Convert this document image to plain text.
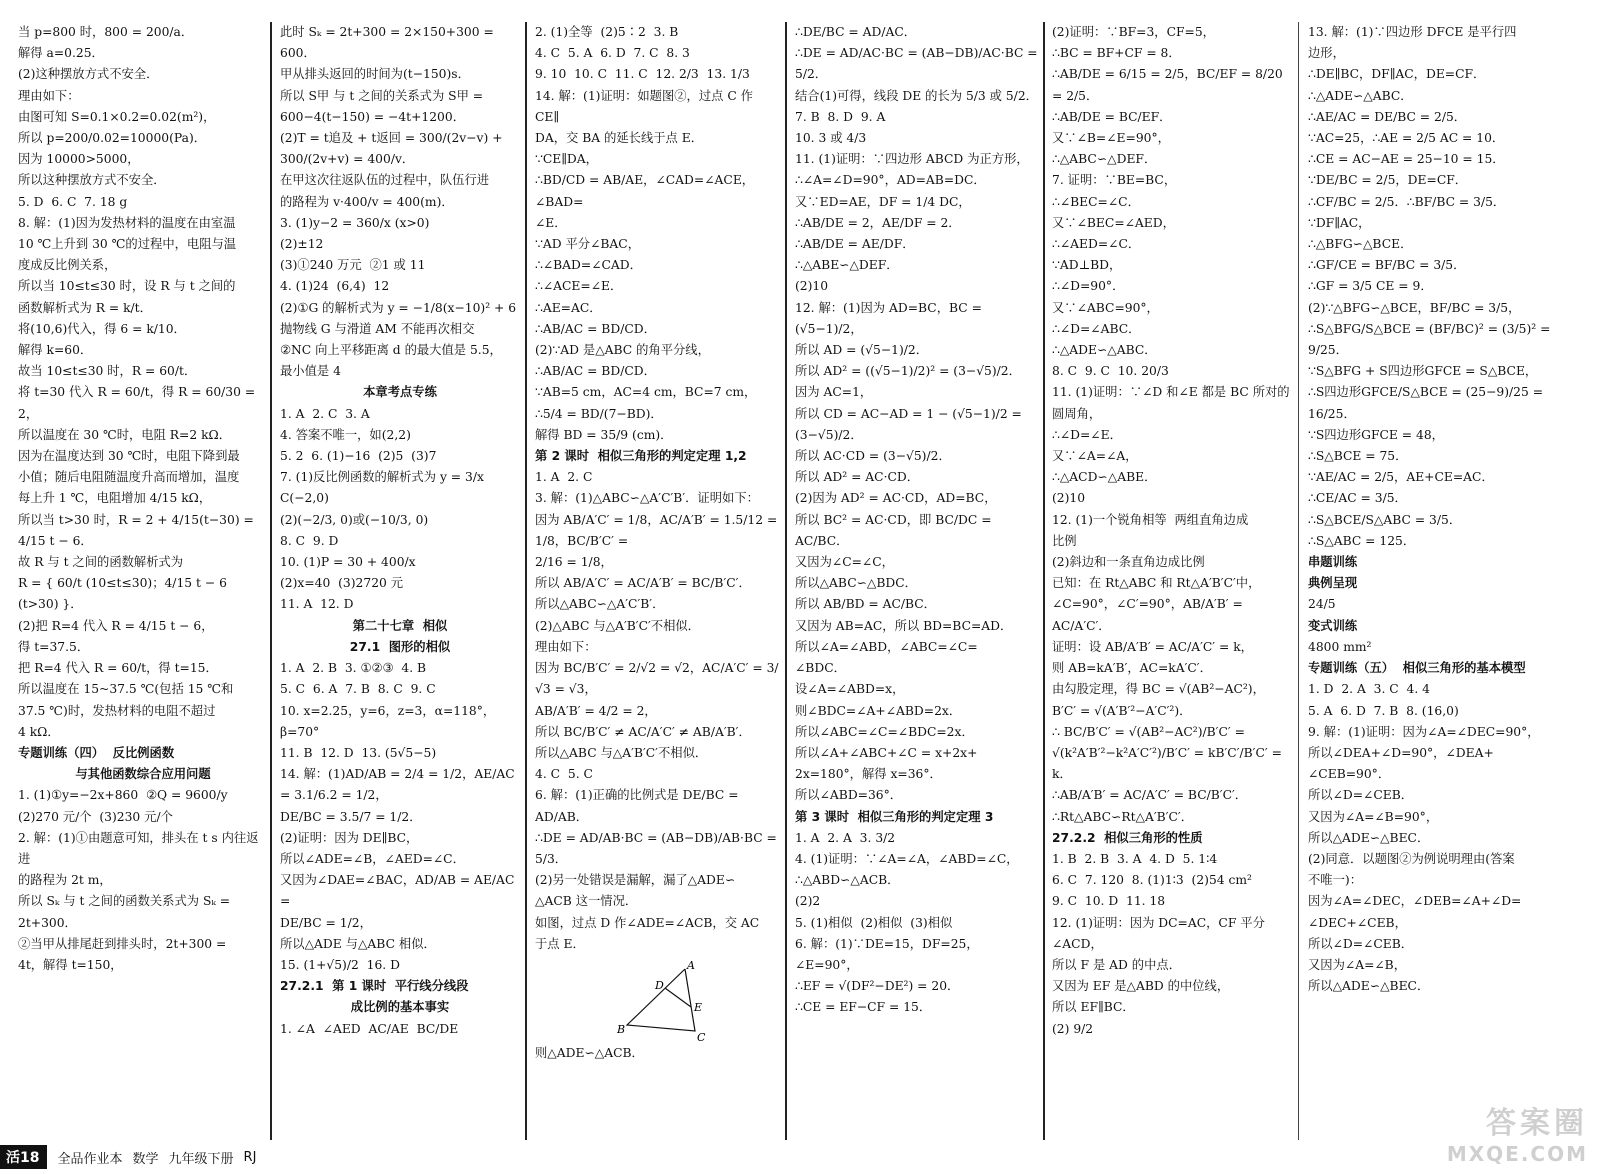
当 p=800 时，800 = 200/a．

解得 a=0.25．

(2)这种摆放方式不安全．

理由如下：

由图可知 S=0.1×0.2=0.02(m²)，

所以 p=200/0.02=10000(Pa)．

因为 10000>5000，

所以这种摆放方式不安全．

5. D  6. C  7. 18 g

8. 解：(1)因为发热材料的温度在由室温

10 ℃上升到 30 ℃的过程中，电阻与温

度成反比例关系，

所以当 10≤t≤30 时，设 R 与 t 之间的

函数解析式为 R = k/t．

将(10,6)代入，得 6 = k/10．

解得 k=60．

故当 10≤t≤30 时，R = 60/t．

将 t=30 代入 R = 60/t，得 R = 60/30 = 2，

所以温度在 30 ℃时，电阻 R=2 kΩ．

因为在温度达到 30 ℃时，电阻下降到最

小值；随后电阻随温度升高而增加，温度

每上升 1 ℃，电阻增加 4/15 kΩ，

所以当 t>30 时，R = 2 + 4/15(t−30) =

4/15 t − 6．

故 R 与 t 之间的函数解析式为

R = { 60/t (10≤t≤30)；4/15 t − 6 (t>30) }．

(2)把 R=4 代入 R = 4/15 t − 6，

得 t=37.5．

把 R=4 代入 R = 60/t，得 t=15．

所以温度在 15~37.5 ℃(包括 15 ℃和

37.5 ℃)时，发热材料的电阻不超过

4 kΩ．

专题训练（四）  反比例函数

与其他函数综合应用问题

1. (1)①y=−2x+860  ②Q = 9600/y

(2)270 元/个  (3)230 元/个

2. 解：(1)①由题意可知，排头在 t s 内往返进

的路程为 2t m，

所以 Sₖ 与 t 之间的函数关系式为 Sₖ =

2t+300．

②当甲从排尾赶到排头时，2t+300 =

4t，解得 t=150，

此时 Sₖ = 2t+300 = 2×150+300 = 600．

甲从排头返回的时间为(t−150)s．

所以 S甲 与 t 之间的关系式为 S甲 =

600−4(t−150) = −4t+1200．

(2)T = t追及 + t返回 = 300/(2v−v) + 300/(2v+v) = 400/v．

在甲这次往返队伍的过程中，队伍行进

的路程为 v·400/v = 400(m)．

3. (1)y−2 = 360/x (x>0)

(2)±12

(3)①240 万元  ②1 或 11

4. (1)24  (6,4)  12

(2)①G 的解析式为 y = −1/8(x−10)² + 6

抛物线 G 与滑道 AM 不能再次相交

②NC 向上平移距离 d 的最大值是 5.5，

最小值是 4

本章考点专练

1. A  2. C  3. A

4. 答案不唯一，如(2,2)

5. 2  6. (1)−16  (2)5  (3)7

7. (1)反比例函数的解析式为 y = 3/x

C(−2,0)

(2)(−2/3, 0)或(−10/3, 0)

8. C  9. D

10. (1)P = 30 + 400/x

(2)x=40  (3)2720 元

11. A  12. D

第二十七章  相似

27.1  图形的相似

1. A  2. B  3. ①②③  4. B

5. C  6. A  7. B  8. C  9. C

10. x=2.25，y=6，z=3，α=118°，β=70°

11. B  12. D  13. (5√5−5)

14. 解：(1)AD/AB = 2/4 = 1/2，AE/AC = 3.1/6.2 = 1/2，

DE/BC = 3.5/7 = 1/2．

(2)证明：因为 DE∥BC，

所以∠ADE=∠B，∠AED=∠C．

又因为∠DAE=∠BAC，AD/AB = AE/AC =

DE/BC = 1/2，

所以△ADE 与△ABC 相似．

15. (1+√5)/2  16. D

27.2.1  第 1 课时  平行线分线段

成比例的基本事实

1. ∠A  ∠AED  AC/AE  BC/DE

2. (1)全等  (2)5∶2  3. B

4. C  5. A  6. D  7. C  8. 3

9. 10  10. C  11. C  12. 2/3  13. 1/3

14. 解：(1)证明：如题图②，过点 C 作 CE∥

DA，交 BA 的延长线于点 E．

∵CE∥DA，

∴BD/CD = AB/AE，∠CAD=∠ACE，∠BAD=

∠E．

∵AD 平分∠BAC，

∴∠BAD=∠CAD．

∴∠ACE=∠E．

∴AE=AC．

∴AB/AC = BD/CD．

(2)∵AD 是△ABC 的角平分线，

∴AB/AC = BD/CD．

∵AB=5 cm，AC=4 cm，BC=7 cm，

∴5/4 = BD/(7−BD)．

解得 BD = 35/9 (cm)．

第 2 课时  相似三角形的判定定理 1,2

1. A  2. C

3. 解：(1)△ABC∽△A′C′B′．证明如下：

因为 AB/A′C′ = 1/8，AC/A′B′ = 1.5/12 = 1/8，BC/B′C′ =

2/16 = 1/8，

所以 AB/A′C′ = AC/A′B′ = BC/B′C′．

所以△ABC∽△A′C′B′．

(2)△ABC 与△A′B′C′不相似．

理由如下：

因为 BC/B′C′ = 2/√2 = √2，AC/A′C′ = 3/√3 = √3，

AB/A′B′ = 4/2 = 2，

所以 BC/B′C′ ≠ AC/A′C′ ≠ AB/A′B′．

所以△ABC 与△A′B′C′不相似．

4. C  5. C

6. 解：(1)正确的比例式是 DE/BC = AD/AB．

∴DE = AD/AB·BC = (AB−DB)/AB·BC = 5/3．

(2)另一处错误是漏解，漏了△ADE∽

△ACB 这一情况．

如图，过点 D 作∠ADE=∠ACB，交 AC

于点 E．

A
D
E
B
C

则△ADE∽△ACB．

∴DE/BC = AD/AC．

∴DE = AD/AC·BC = (AB−DB)/AC·BC = 5/2．

结合(1)可得，线段 DE 的长为 5/3 或 5/2．

7. B  8. D  9. A

10. 3 或 4/3

11. (1)证明：∵四边形 ABCD 为正方形，

∴∠A=∠D=90°，AD=AB=DC．

又∵ED=AE，DF = 1/4 DC，

∴AB/DE = 2，AE/DF = 2．

∴AB/DE = AE/DF．

∴△ABE∽△DEF．

(2)10

12. 解：(1)因为 AD=BC，BC = (√5−1)/2，

所以 AD = (√5−1)/2．

所以 AD² = ((√5−1)/2)² = (3−√5)/2．

因为 AC=1，

所以 CD = AC−AD = 1 − (√5−1)/2 = (3−√5)/2．

所以 AC·CD = (3−√5)/2．

所以 AD² = AC·CD．

(2)因为 AD² = AC·CD，AD=BC，

所以 BC² = AC·CD，即 BC/DC = AC/BC．

又因为∠C=∠C，

所以△ABC∽△BDC．

所以 AB/BD = AC/BC．

又因为 AB=AC，所以 BD=BC=AD．

所以∠A=∠ABD，∠ABC=∠C=

∠BDC．

设∠A=∠ABD=x，

则∠BDC=∠A+∠ABD=2x．

所以∠ABC=∠C=∠BDC=2x．

所以∠A+∠ABC+∠C = x+2x+

2x=180°，解得 x=36°．

所以∠ABD=36°．

第 3 课时  相似三角形的判定定理 3

1. A  2. A  3. 3/2

4. (1)证明：∵∠A=∠A，∠ABD=∠C，

∴△ABD∽△ACB．

(2)2

5. (1)相似  (2)相似  (3)相似

6. 解：(1)∵DE=15，DF=25，∠E=90°，

∴EF = √(DF²−DE²) = 20．

∴CE = EF−CF = 15．

(2)证明：∵BF=3，CF=5，

∴BC = BF+CF = 8．

∴AB/DE = 6/15 = 2/5，BC/EF = 8/20 = 2/5．

∴AB/DE = BC/EF．

又∵∠B=∠E=90°，

∴△ABC∽△DEF．

7. 证明：∵BE=BC，

∴∠BEC=∠C．

又∵∠BEC=∠AED，

∴∠AED=∠C．

∵AD⊥BD，

∴∠D=90°．

又∵∠ABC=90°，

∴∠D=∠ABC．

∴△ADE∽△ABC．

8. C  9. C  10. 20/3

11. (1)证明：∵∠D 和∠E 都是 BC 所对的

圆周角，

∴∠D=∠E．

又∵∠A=∠A，

∴△ACD∽△ABE．

(2)10

12. (1)一个锐角相等  两组直角边成

比例

(2)斜边和一条直角边成比例

已知：在 Rt△ABC 和 Rt△A′B′C′中，

∠C=90°，∠C′=90°，AB/A′B′ = AC/A′C′．

证明：设 AB/A′B′ = AC/A′C′ = k，

则 AB=kA′B′，AC=kA′C′．

由勾股定理，得 BC = √(AB²−AC²)，

B′C′ = √(A′B′²−A′C′²)．

∴ BC/B′C′ = √(AB²−AC²)/B′C′ =

√(k²A′B′²−k²A′C′²)/B′C′ = kB′C′/B′C′ = k．

∴AB/A′B′ = AC/A′C′ = BC/B′C′．

∴Rt△ABC∽Rt△A′B′C′．

27.2.2  相似三角形的性质

1. B  2. B  3. A  4. D  5. 1∶4

6. C  7. 120  8. (1)1∶3  (2)54 cm²

9. C  10. D  11. 18

12. (1)证明：因为 DC=AC，CF 平分

∠ACD，

所以 F 是 AD 的中点．

又因为 EF 是△ABD 的中位线，

所以 EF∥BC．

(2) 9/2

13. 解：(1)∵四边形 DFCE 是平行四

边形，

∴DE∥BC，DF∥AC，DE=CF．

∴△ADE∽△ABC．

∴AE/AC = DE/BC = 2/5．

∵AC=25，∴AE = 2/5 AC = 10．

∴CE = AC−AE = 25−10 = 15．

∵DE/BC = 2/5，DE=CF．

∴CF/BC = 2/5．∴BF/BC = 3/5．

∵DF∥AC，

∴△BFG∽△BCE．

∴GF/CE = BF/BC = 3/5．

∴GF = 3/5 CE = 9．

(2)∵△BFG∽△BCE，BF/BC = 3/5，

∴S△BFG/S△BCE = (BF/BC)² = (3/5)² = 9/25．

∵S△BFG + S四边形GFCE = S△BCE，

∴S四边形GFCE/S△BCE = (25−9)/25 = 16/25．

∵S四边形GFCE = 48，

∴S△BCE = 75．

∵AE/AC = 2/5，AE+CE=AC．

∴CE/AC = 3/5．

∴S△BCE/S△ABC = 3/5．

∴S△ABC = 125．

串题训练

典例呈现

24/5

变式训练

4800 mm²

专题训练（五）  相似三角形的基本模型

1. D  2. A  3. C  4. 4

5. A  6. D  7. B  8. (16,0)

9. 解：(1)证明：因为∠A=∠DEC=90°，

所以∠DEA+∠D=90°，∠DEA+

∠CEB=90°．

所以∠D=∠CEB．

又因为∠A=∠B=90°，

所以△ADE∽△BEC．

(2)同意．以题图②为例说明理由(答案

不唯一)：

因为∠A=∠DEC，∠DEB=∠A+∠D=

∠DEC+∠CEB，

所以∠D=∠CEB．

又因为∠A=∠B，

所以△ADE∽△BEC．

活18	全品作业本 数学 九年级下册 RJ
答案圈
MXQE.COM
